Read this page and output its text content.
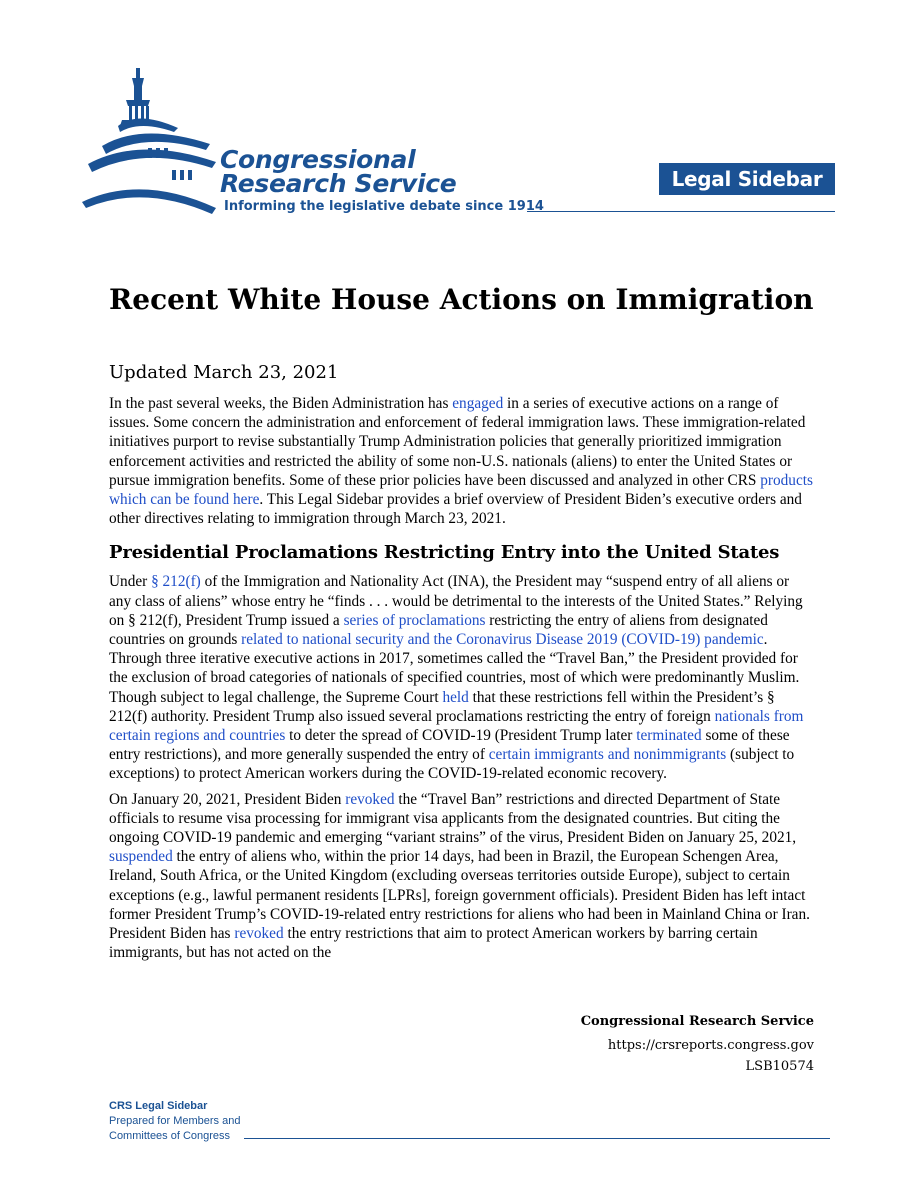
Congressional
Research Service
Informing the legislative debate since 1914
Legal Sidebar
Recent White House Actions on Immigration
Updated March 23, 2021

In the past several weeks, the Biden Administration has engaged in a series of executive actions on a range of issues. Some concern the administration and enforcement of federal immigration laws. These immigration-related initiatives purport to revise substantially Trump Administration policies that generally prioritized immigration enforcement activities and restricted the ability of some non-U.S. nationals (aliens) to enter the United States or pursue immigration benefits. Some of these prior policies have been discussed and analyzed in other CRS products which can be found here. This Legal Sidebar provides a brief overview of President Biden’s executive orders and other directives relating to immigration through March 23, 2021.

Presidential Proclamations Restricting Entry into the United States

Under § 212(f) of the Immigration and Nationality Act (INA), the President may “suspend entry of all aliens or any class of aliens” whose entry he “finds . . . would be detrimental to the interests of the United States.” Relying on § 212(f), President Trump issued a series of proclamations restricting the entry of aliens from designated countries on grounds related to national security and the Coronavirus Disease 2019 (COVID-19) pandemic. Through three iterative executive actions in 2017, sometimes called the “Travel Ban,” the President provided for the exclusion of broad categories of nationals of specified countries, most of which were predominantly Muslim. Though subject to legal challenge, the Supreme Court held that these restrictions fell within the President’s § 212(f) authority. President Trump also issued several proclamations restricting the entry of foreign nationals from certain regions and countries to deter the spread of COVID-19 (President Trump later terminated some of these entry restrictions), and more generally suspended the entry of certain immigrants and nonimmigrants (subject to exceptions) to protect American workers during the COVID-19-related economic recovery.

On January 20, 2021, President Biden revoked the “Travel Ban” restrictions and directed Department of State officials to resume visa processing for immigrant visa applicants from the designated countries. But citing the ongoing COVID-19 pandemic and emerging “variant strains” of the virus, President Biden on January 25, 2021, suspended the entry of aliens who, within the prior 14 days, had been in Brazil, the European Schengen Area, Ireland, South Africa, or the United Kingdom (excluding overseas territories outside Europe), subject to certain exceptions (e.g., lawful permanent residents [LPRs], foreign government officials). President Biden has left intact former President Trump’s COVID-19-related entry restrictions for aliens who had been in Mainland China or Iran. President Biden has revoked the entry restrictions that aim to protect American workers by barring certain immigrants, but has not acted on the

Congressional Research Service
https://crsreports.congress.gov
LSB10574
CRS Legal Sidebar
Prepared for Members and
Committees of Congress
